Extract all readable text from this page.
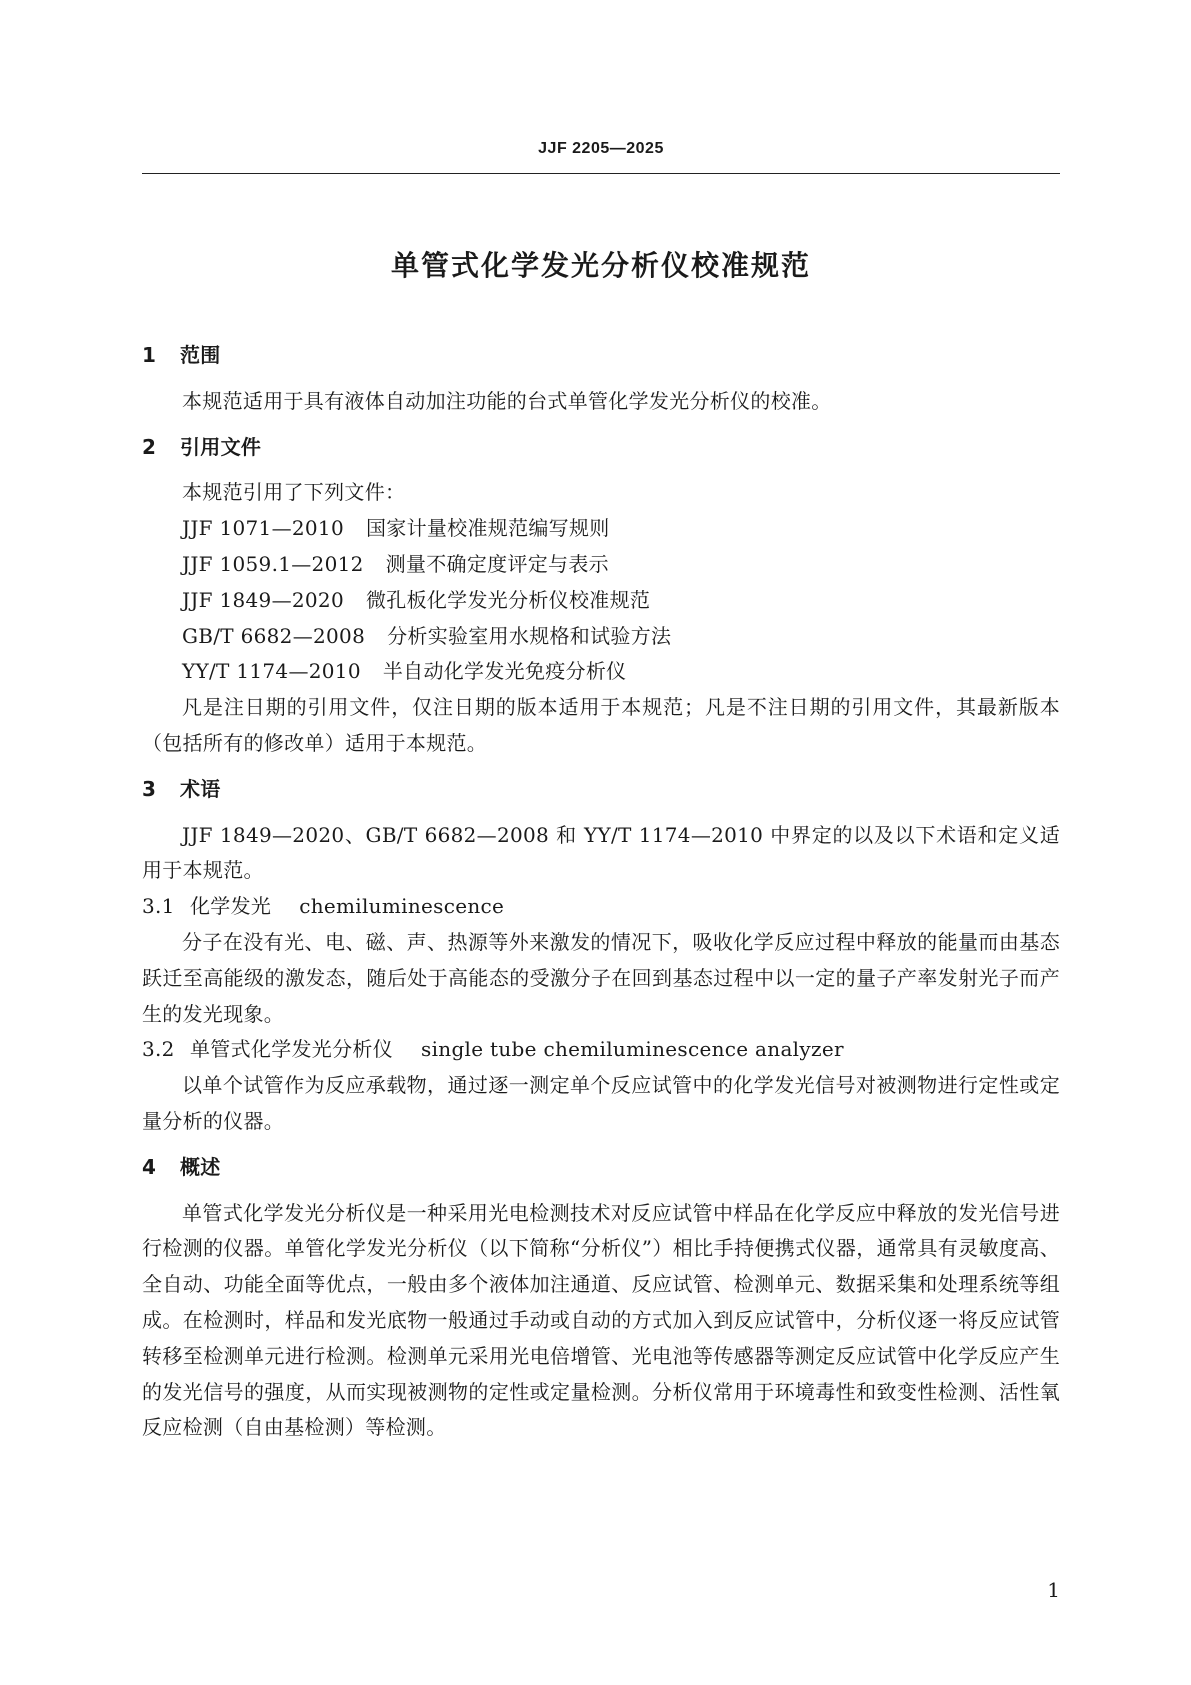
JJF 2205—2025
单管式化学发光分析仪校准规范
1 范围

本规范适用于具有液体自动加注功能的台式单管化学发光分析仪的校准。

2 引用文件

本规范引用了下列文件：

JJF 1071—2010 国家计量校准规范编写规则

JJF 1059.1—2012 测量不确定度评定与表示

JJF 1849—2020 微孔板化学发光分析仪校准规范

GB/T 6682—2008 分析实验室用水规格和试验方法

YY/T 1174—2010 半自动化学发光免疫分析仪

凡是注日期的引用文件，仅注日期的版本适用于本规范；凡是不注日期的引用文件，其最新版本（包括所有的修改单）适用于本规范。

3 术语

JJF 1849—2020、GB/T 6682—2008 和 YY/T 1174—2010 中界定的以及以下术语和定义适用于本规范。

3.1 化学发光 chemiluminescence

分子在没有光、电、磁、声、热源等外来激发的情况下，吸收化学反应过程中释放的能量而由基态跃迁至高能级的激发态，随后处于高能态的受激分子在回到基态过程中以一定的量子产率发射光子而产生的发光现象。

3.2 单管式化学发光分析仪 single tube chemiluminescence analyzer

以单个试管作为反应承载物，通过逐一测定单个反应试管中的化学发光信号对被测物进行定性或定量分析的仪器。

4 概述

单管式化学发光分析仪是一种采用光电检测技术对反应试管中样品在化学反应中释放的发光信号进行检测的仪器。单管化学发光分析仪（以下简称“分析仪”）相比手持便携式仪器，通常具有灵敏度高、全自动、功能全面等优点，一般由多个液体加注通道、反应试管、检测单元、数据采集和处理系统等组成。在检测时，样品和发光底物一般通过手动或自动的方式加入到反应试管中，分析仪逐一将反应试管转移至检测单元进行检测。检测单元采用光电倍增管、光电池等传感器等测定反应试管中化学反应产生的发光信号的强度，从而实现被测物的定性或定量检测。分析仪常用于环境毒性和致变性检测、活性氧反应检测（自由基检测）等检测。

1
